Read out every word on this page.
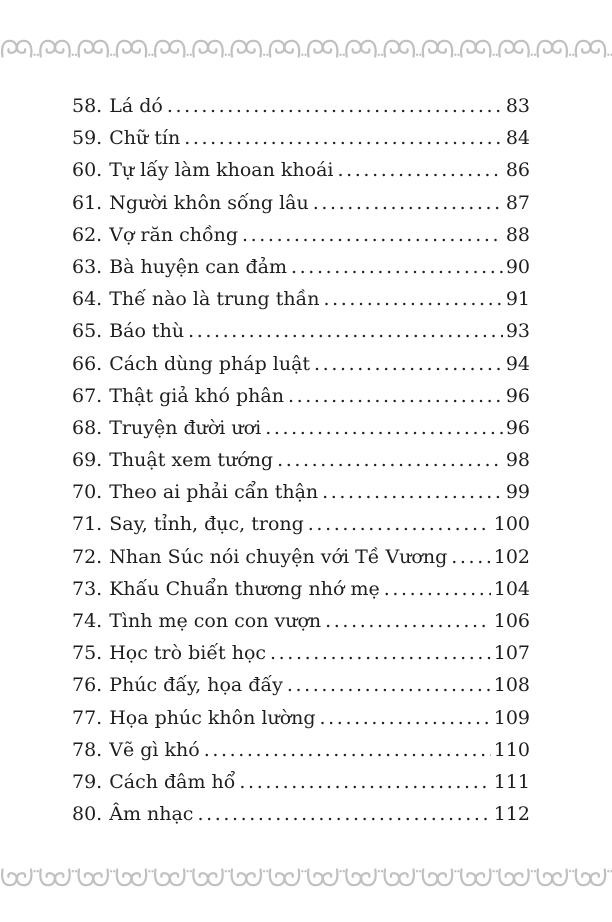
58. Lá dó .....	83
59. Chữ tín .....	84
60. Tự lấy làm khoan khoái .....	86
61. Người khôn sống lâu .....	87
62. Vợ răn chồng .....	88
63. Bà huyện can đảm .....	90
64. Thế nào là trung thần .....	91
65. Báo thù .....	93
66. Cách dùng pháp luật .....	94
67. Thật giả khó phân .....	96
68. Truyện đười ươi .....	96
69. Thuật xem tướng .....	98
70. Theo ai phải cẩn thận .....	99
71. Say, tỉnh, đục, trong .....	100
72. Nhan Súc nói chuyện với Tề Vương ..... 102
73. Khấu Chuẩn thương nhớ mẹ .....	104
74. Tình mẹ con con vượn .....	106
75. Học trò biết học .....	107
76. Phúc đấy, họa đấy .....	108
77. Họa phúc khôn lường .....	109
78. Vẽ gì khó .....	110
79. Cách đâm hổ .....	111
80. Âm nhạc .....	112
